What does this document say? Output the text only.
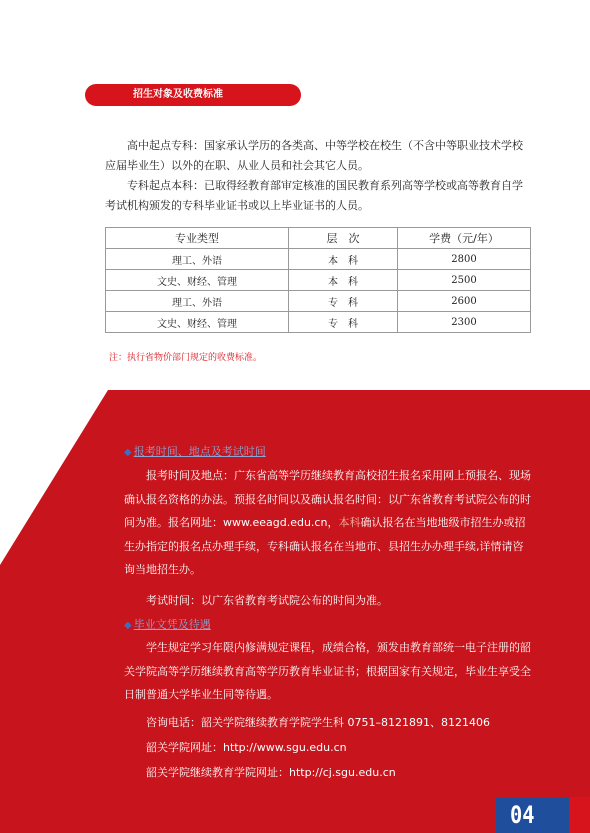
招生对象及收费标准
高中起点专科：国家承认学历的各类高、中等学校在校生（不含中等职业技术学校应届毕业生）以外的在职、从业人员和社会其它人员。
专科起点本科：已取得经教育部审定核准的国民教育系列高等学校或高等教育自学考试机构颁发的专科毕业证书或以上毕业证书的人员。
专业类型	层　次	学费（元/年）
理工、外语	本　科	2800
文史、财经、管理	本　科	2500
理工、外语	专　科	2600
文史、财经、管理	专　科	2300
注：执行省物价部门规定的收费标准。
◆ 报考时间、地点及考试时间
报考时间及地点：广东省高等学历继续教育高校招生报名采用网上预报名、现场确认报名资格的办法。预报名时间以及确认报名时间：以广东省教育考试院公布的时间为准。报名网址：www.eeagd.edu.cn，本科确认报名在当地地级市招生办或招生办指定的报名点办理手续，专科确认报名在当地市、县招生办办理手续,详情请咨询当地招生办。
考试时间：以广东省教育考试院公布的时间为准。
◆ 毕业文凭及待遇
学生规定学习年限内修满规定课程，成绩合格，颁发由教育部统一电子注册的韶关学院高等学历继续教育高等学历教育毕业证书；根据国家有关规定，毕业生享受全日制普通大学毕业生同等待遇。
咨询电话：韶关学院继续教育学院学生科 0751–8121891、8121406
韶关学院网址：http://www.sgu.edu.cn
韶关学院继续教育学院网址：http://cj.sgu.edu.cn
04
